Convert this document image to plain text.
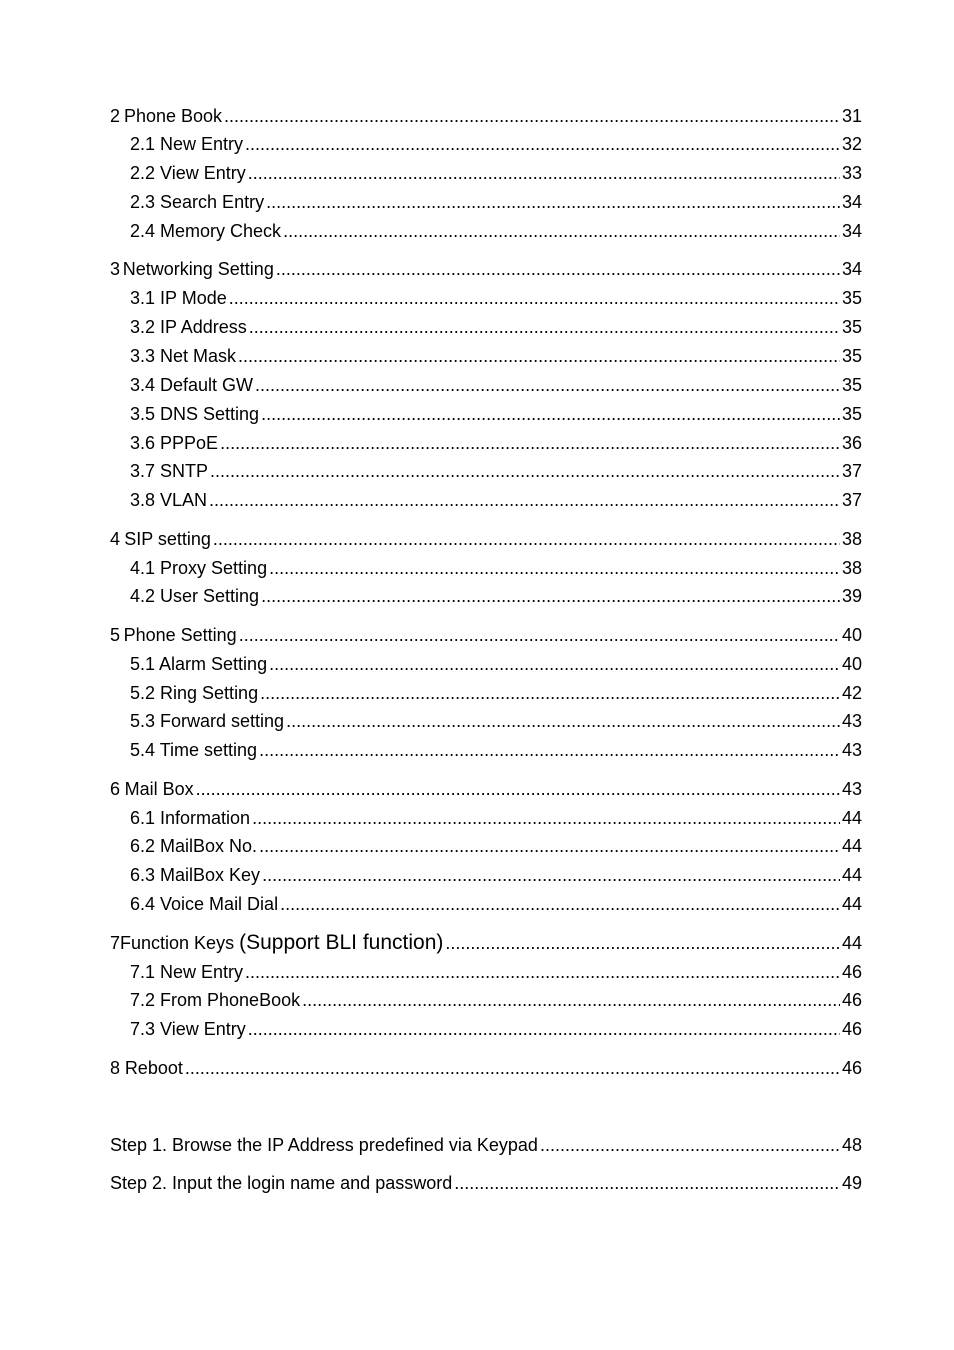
2 Phone Book .....	31
2.1 New Entry .....	32
2.2 View Entry .....	33
2.3 Search Entry .....	34
2.4 Memory Check .....	34
3 Networking Setting .....	34
3.1 IP Mode .....	35
3.2 IP Address .....	35
3.3 Net Mask .....	35
3.4 Default GW .....	35
3.5 DNS Setting .....	35
3.6 PPPoE .....	36
3.7 SNTP .....	37
3.8 VLAN .....	37
4 SIP setting .....	38
4.1 Proxy Setting .....	38
4.2 User Setting .....	39
5 Phone Setting .....	40
5.1 Alarm Setting .....	40
5.2 Ring Setting .....	42
5.3 Forward setting .....	43
5.4 Time setting .....	43
6 Mail Box .....	43
6.1 Information .....	44
6.2 MailBox No. .....	44
6.3 MailBox Key .....	44
6.4 Voice Mail Dial .....	44
7 Function Keys (Support BLI function) .....	44
7.1 New Entry .....	46
7.2 From PhoneBook .....	46
7.3 View Entry .....	46
8 Reboot .....	46
Step 1. Browse the IP Address predefined via Keypad .....	48
Step 2. Input the login name and password .....	49
